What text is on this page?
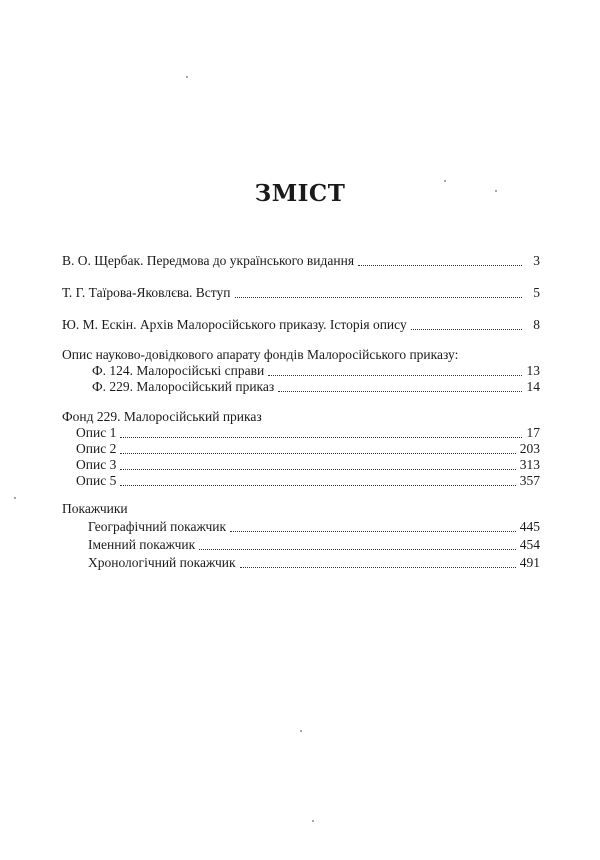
ЗМІСТ
В. О. Щербак. Передмова до українського видання	3
Т. Г. Таїрова-Яковлєва. Вступ	5
Ю. М. Ескін. Архів Малоросійського приказу. Історія опису	8
Опис науково-довідкового апарату фондів Малоросійського приказу:
Ф. 124. Малоросійські справи	13
Ф. 229. Малоросійський приказ	14
Фонд 229. Малоросійський приказ
Опис 1	17
Опис 2	203
Опис 3	313
Опис 5	357
Покажчики
Географічний покажчик	445
Іменний покажчик	454
Хронологічний покажчик	491
